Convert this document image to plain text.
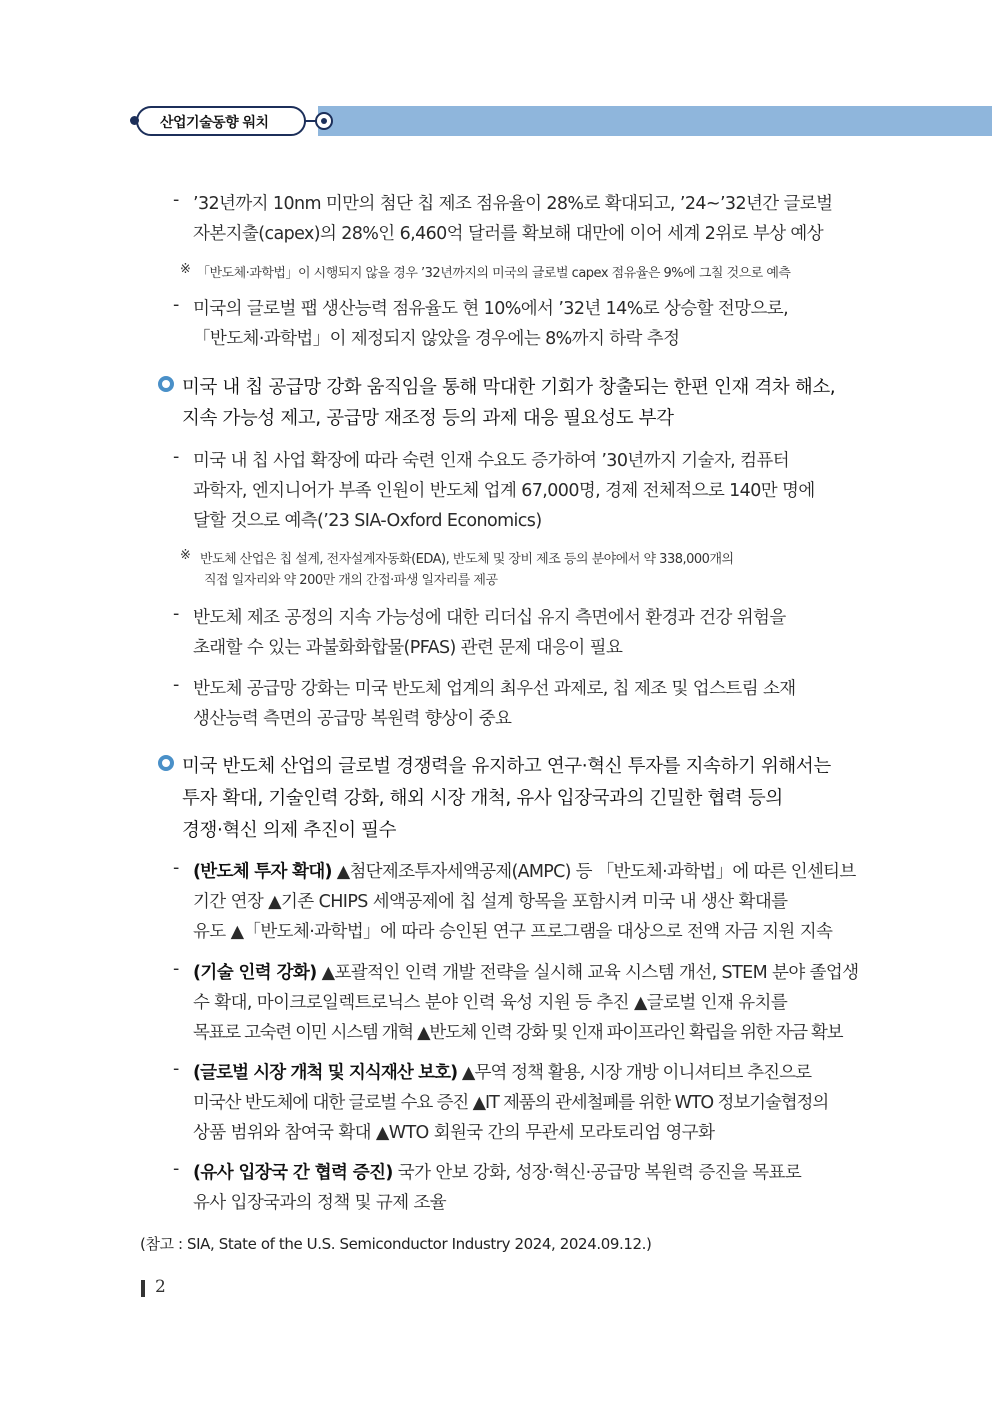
산업기술동향 워치
- ’32년까지 10nm 미만의 첨단 칩 제조 점유율이 28%로 확대되고, ’24~’32년간 글로벌
자본지출(capex)의 28%인 6,460억 달러를 확보해 대만에 이어 세계 2위로 부상 예상
※ 「반도체·과학법」이 시행되지 않을 경우 ’32년까지의 미국의 글로벌 capex 점유율은 9%에 그칠 것으로 예측
- 미국의 글로벌 팹 생산능력 점유율도 현 10%에서 ’32년 14%로 상승할 전망으로,
「반도체·과학법」이 제정되지 않았을 경우에는 8%까지 하락 추정
미국 내 칩 공급망 강화 움직임을 통해 막대한 기회가 창출되는 한편 인재 격차 해소,
지속 가능성 제고, 공급망 재조정 등의 과제 대응 필요성도 부각
- 미국 내 칩 사업 확장에 따라 숙련 인재 수요도 증가하여 ’30년까지 기술자, 컴퓨터
과학자, 엔지니어가 부족 인원이 반도체 업계 67,000명, 경제 전체적으로 140만 명에
달할 것으로 예측(’23 SIA-Oxford Economics)
※ 반도체 산업은 칩 설계, 전자설계자동화(EDA), 반도체 및 장비 제조 등의 분야에서 약 338,000개의
직접 일자리와 약 200만 개의 간접·파생 일자리를 제공
- 반도체 제조 공정의 지속 가능성에 대한 리더십 유지 측면에서 환경과 건강 위험을
초래할 수 있는 과불화화합물(PFAS) 관련 문제 대응이 필요
- 반도체 공급망 강화는 미국 반도체 업계의 최우선 과제로, 칩 제조 및 업스트림 소재
생산능력 측면의 공급망 복원력 향상이 중요
미국 반도체 산업의 글로벌 경쟁력을 유지하고 연구·혁신 투자를 지속하기 위해서는
투자 확대, 기술인력 강화, 해외 시장 개척, 유사 입장국과의 긴밀한 협력 등의
경쟁·혁신 의제 추진이 필수
- (반도체 투자 확대) ▲첨단제조투자세액공제(AMPC) 등 「반도체·과학법」에 따른 인센티브
기간 연장 ▲기존 CHIPS 세액공제에 칩 설계 항목을 포함시켜 미국 내 생산 확대를
유도 ▲「반도체·과학법」에 따라 승인된 연구 프로그램을 대상으로 전액 자금 지원 지속
- (기술 인력 강화) ▲포괄적인 인력 개발 전략을 실시해 교육 시스템 개선, STEM 분야 졸업생
수 확대, 마이크로일렉트로닉스 분야 인력 육성 지원 등 추진 ▲글로벌 인재 유치를
목표로 고숙련 이민 시스템 개혁 ▲반도체 인력 강화 및 인재 파이프라인 확립을 위한 자금 확보
- (글로벌 시장 개척 및 지식재산 보호) ▲무역 정책 활용, 시장 개방 이니셔티브 추진으로
미국산 반도체에 대한 글로벌 수요 증진 ▲IT 제품의 관세철폐를 위한 WTO 정보기술협정의
상품 범위와 참여국 확대 ▲WTO 회원국 간의 무관세 모라토리엄 영구화
- (유사 입장국 간 협력 증진) 국가 안보 강화, 성장·혁신·공급망 복원력 증진을 목표로
유사 입장국과의 정책 및 규제 조율
(참고 : SIA, State of the U.S. Semiconductor Industry 2024, 2024.09.12.)
2
